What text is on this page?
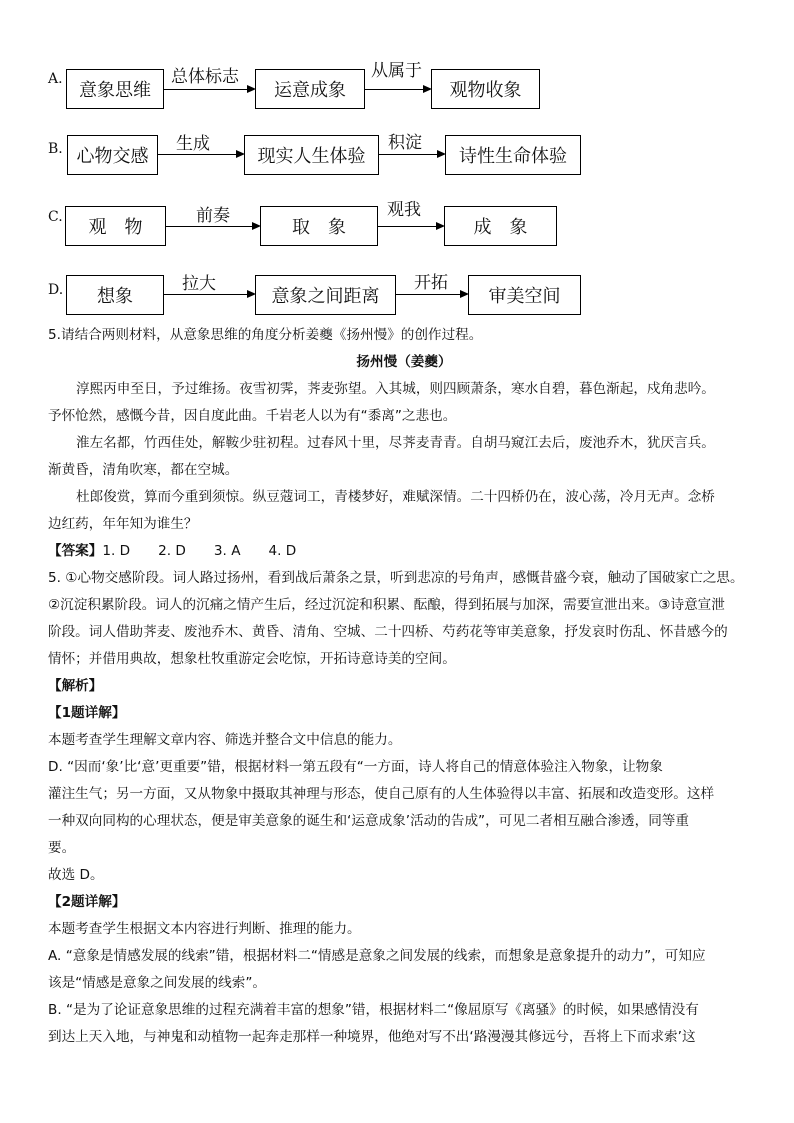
A.
意象思维
总体标志
运意成象
从属于
观物收象
B. 心物交感
生成
现实人生体验
积淀
诗性生命体验
C.	观　物
前奏
取　象
观我
成　象
D.	想象
拉大
意象之间距离
开拓
审美空间
5.请结合两则材料，从意象思维的角度分析姜夔《扬州慢》的创作过程。
扬州慢（姜夔）
淳熙丙申至日，予过维扬。夜雪初霁，荠麦弥望。入其城，则四顾萧条，寒水自碧，暮色渐起，戍角悲吟。
予怀怆然，感慨今昔，因自度此曲。千岩老人以为有“黍离”之悲也。
淮左名都，竹西佳处，解鞍少驻初程。过春风十里，尽荠麦青青。自胡马窥江去后，废池乔木，犹厌言兵。
渐黄昏，清角吹寒，都在空城。
杜郎俊赏，算而今重到须惊。纵豆蔻词工，青楼梦好，难赋深情。二十四桥仍在，波心荡，冷月无声。念桥
边红药，年年知为谁生？
【答案】1. D 2. D 3. A 4. D
5. ①心物交感阶段。词人路过扬州，看到战后萧条之景，听到悲凉的号角声，感慨昔盛今衰，触动了国破家亡之思。
②沉淀积累阶段。词人的沉痛之情产生后，经过沉淀和积累、酝酿，得到拓展与加深，需要宣泄出来。③诗意宣泄
阶段。词人借助荠麦、废池乔木、黄昏、清角、空城、二十四桥、芍药花等审美意象，抒发哀时伤乱、怀昔感今的
情怀；并借用典故，想象杜牧重游定会吃惊，开拓诗意诗美的空间。
【解析】
【1题详解】
本题考查学生理解文章内容、筛选并整合文中信息的能力。
D. “因而‘象’比‘意’更重要”错，根据材料一第五段有“一方面，诗人将自己的情意体验注入物象，让物象
灌注生气；另一方面，又从物象中摄取其神理与形态，使自己原有的人生体验得以丰富、拓展和改造变形。这样
一种双向同构的心理状态，便是审美意象的诞生和‘运意成象’活动的告成”，可见二者相互融合渗透，同等重
要。
故选 D。
【2题详解】
本题考查学生根据文本内容进行判断、推理的能力。
A. “意象是情感发展的线索”错，根据材料二“情感是意象之间发展的线索，而想象是意象提升的动力”，可知应
该是“情感是意象之间发展的线索”。
B. “是为了论证意象思维的过程充满着丰富的想象”错，根据材料二“像屈原写《离骚》的时候，如果感情没有
到达上天入地，与神鬼和动植物一起奔走那样一种境界，他绝对写不出‘路漫漫其修远兮，吾将上下而求索’这
